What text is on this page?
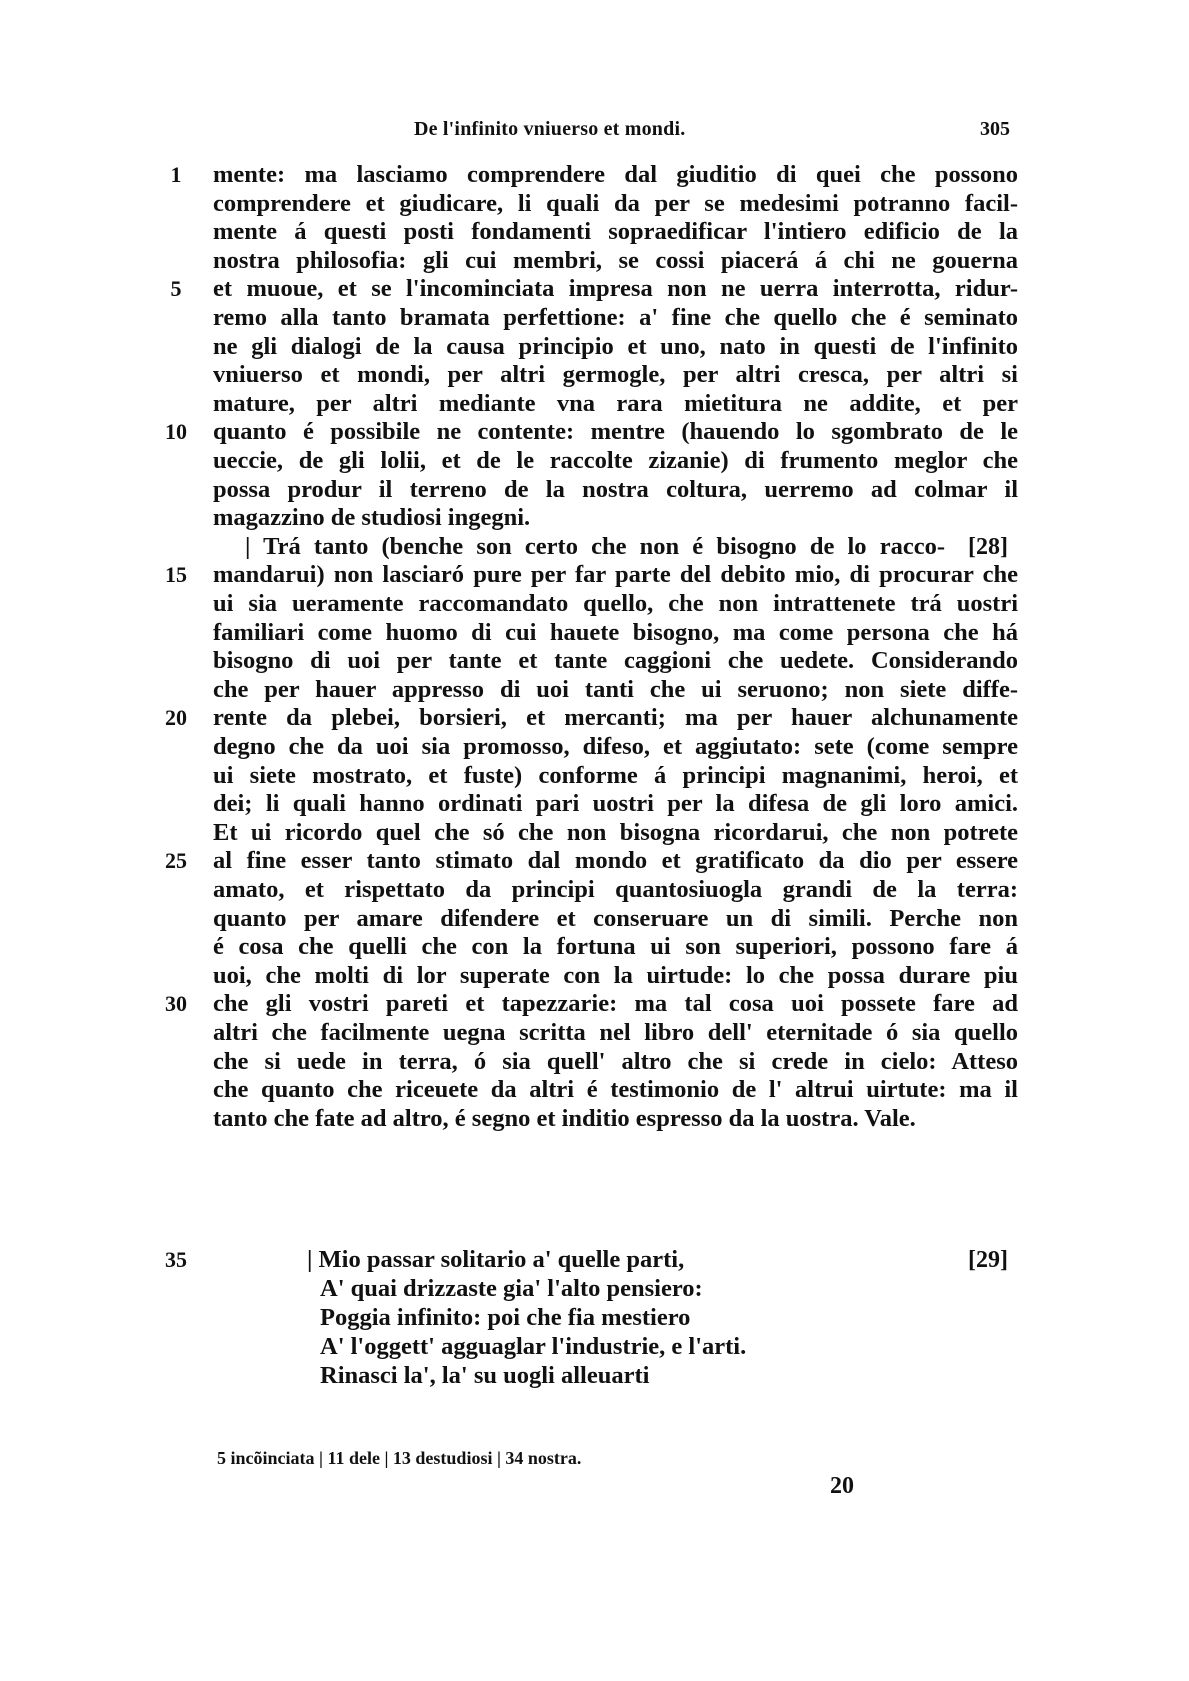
De l'infinito vniuerso et mondi.	305
mente: ma lasciamo comprendere dal giuditio di quei che possono
1
comprendere et giudicare, li quali da per se medesimi potranno facil-
mente á questi posti fondamenti sopraedificar l'intiero edificio de la
nostra philosofia: gli cui membri, se cossi piacerá á chi ne gouerna
et muoue, et se l'incominciata impresa non ne uerra interrotta, ridur-
5
remo alla tanto bramata perfettione: a' fine che quello che é seminato
ne gli dialogi de la causa principio et uno, nato in questi de l'infinito
vniuerso et mondi, per altri germogle, per altri cresca, per altri si
mature, per altri mediante vna rara mietitura ne addite, et per
quanto é possibile ne contente: mentre (hauendo lo sgombrato de le
10
ueccie, de gli lolii, et de le raccolte zizanie) di frumento meglor che
possa produr il terreno de la nostra coltura, uerremo ad colmar il
magazzino de studiosi ingegni.
| Trá tanto (benche son certo che non é bisogno de lo racco-
mandarui) non lasciaró pure per far parte del debito mio, di procurar che
15
ui sia ueramente raccomandato quello, che non intrattenete trá uostri
familiari come huomo di cui hauete bisogno, ma come persona che há
bisogno di uoi per tante et tante caggioni che uedete. Considerando
che per hauer appresso di uoi tanti che ui seruono; non siete diffe-
rente da plebei, borsieri, et mercanti; ma per hauer alchunamente
20
degno che da uoi sia promosso, difeso, et aggiutato: sete (come sempre
ui siete mostrato, et fuste) conforme á principi magnanimi, heroi, et
dei; li quali hanno ordinati pari uostri per la difesa de gli loro amici.
Et ui ricordo quel che só che non bisogna ricordarui, che non potrete
al fine esser tanto stimato dal mondo et gratificato da dio per essere
25
amato, et rispettato da principi quantosiuogla grandi de la terra:
quanto per amare difendere et conseruare un di simili. Perche non
é cosa che quelli che con la fortuna ui son superiori, possono fare á
uoi, che molti di lor superate con la uirtude: lo che possa durare piu
che gli vostri pareti et tapezzarie: ma tal cosa uoi possete fare ad
30
altri che facilmente uegna scritta nel libro dell' eternitade ó sia quello
che si uede in terra, ó sia quell' altro che si crede in cielo: Atteso
che quanto che riceuete da altri é testimonio de l' altrui uirtute: ma il
tanto che fate ad altro, é segno et inditio espresso da la uostra. Vale.
[28]
35	[29]
| Mio passar solitario a' quelle parti,
A' quai drizzaste gia' l'alto pensiero:
Poggia infinito: poi che fia mestiero
A' l'oggett' agguaglar l'industrie, e l'arti.
Rinasci la', la' su uogli alleuarti
5 incõinciata | 11 dele | 13 destudiosi | 34 nostra.
20
